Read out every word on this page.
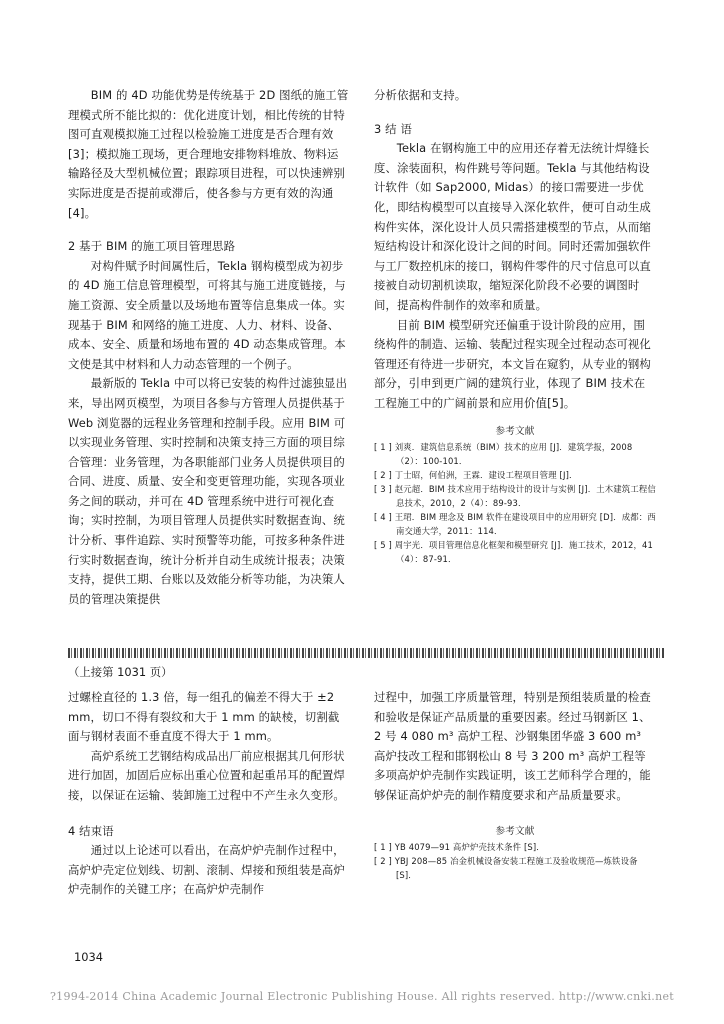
BIM 的 4D 功能优势是传统基于 2D 图纸的施工管理模式所不能比拟的：优化进度计划，相比传统的甘特图可直观模拟施工过程以检验施工进度是否合理有效[3]；模拟施工现场，更合理地安排物料堆放、物料运输路径及大型机械位置；跟踪项目进程，可以快速辨别实际进度是否提前或滞后，使各参与方更有效的沟通[4]。

2 基于 BIM 的施工项目管理思路

对构件赋予时间属性后，Tekla 钢构模型成为初步的 4D 施工信息管理模型，可将其与施工进度链接，与施工资源、安全质量以及场地布置等信息集成一体。实现基于 BIM 和网络的施工进度、人力、材料、设备、成本、安全、质量和场地布置的 4D 动态集成管理。本文使是其中材料和人力动态管理的一个例子。

最新版的 Tekla 中可以将已安装的构件过滤独显出来，导出网页模型，为项目各参与方管理人员提供基于 Web 浏览器的远程业务管理和控制手段。应用 BIM 可以实现业务管理、实时控制和决策支持三方面的项目综合管理：业务管理，为各职能部门业务人员提供项目的合同、进度、质量、安全和变更管理功能，实现各项业务之间的联动，并可在 4D 管理系统中进行可视化查询；实时控制，为项目管理人员提供实时数据查询、统计分析、事件追踪、实时预警等功能，可按多种条件进行实时数据查询，统计分析并自动生成统计报表；决策支持，提供工期、台账以及效能分析等功能，为决策人员的管理决策提供

分析依据和支持。

3 结 语

Tekla 在钢构施工中的应用还存着无法统计焊缝长度、涂装面积，构件跳号等问题。Tekla 与其他结构设计软件（如 Sap2000, Midas）的接口需要进一步优化，即结构模型可以直接导入深化软件，便可自动生成构件实体，深化设计人员只需搭建模型的节点，从而缩短结构设计和深化设计之间的时间。同时还需加强软件与工厂数控机床的接口，钢构件零件的尺寸信息可以直接被自动切割机读取，缩短深化阶段不必要的调图时间，提高构件制作的效率和质量。

目前 BIM 模型研究还偏重于设计阶段的应用，围绕构件的制造、运输、装配过程实现全过程动态可视化管理还有待进一步研究，本文旨在窥豹，从专业的钢构部分，引申到更广阔的建筑行业，体现了 BIM 技术在工程施工中的广阔前景和应用价值[5]。

参考文献

[ 1 ] 刘爽．建筑信息系统（BIM）技术的应用 [J]．建筑学报，2008（2）：100-101．

[ 2 ] 丁士昭，何伯洲，王霖．建设工程项目管理 [J]．

[ 3 ] 赵元超．BIM 技术应用于结构设计的设计与实例 [J]．土木建筑工程信息技术，2010，2（4）：89-93．

[ 4 ] 王珺．BIM 理念及 BIM 软件在建设项目中的应用研究 [D]．成都：西南交通大学，2011：114．

[ 5 ] 周宇光．项目管理信息化框架和模型研究 [J]．施工技术，2012，41（4）：87-91．

（上接第 1031 页）

过螺栓直径的 1.3 倍，每一组孔的偏差不得大于 ±2 mm，切口不得有裂纹和大于 1 mm 的缺棱，切割截面与钢材表面不垂直度不得大于 1 mm。

高炉系统工艺钢结构成品出厂前应根据其几何形状进行加固，加固后应标出重心位置和起重吊耳的配置焊接，以保证在运输、装卸施工过程中不产生永久变形。

4 结束语

通过以上论述可以看出，在高炉炉壳制作过程中，高炉炉壳定位划线、切割、滚制、焊接和预组装是高炉炉壳制作的关键工序；在高炉炉壳制作

过程中，加强工序质量管理，特别是预组装质量的检查和验收是保证产品质量的重要因素。经过马钢新区 1、2 号 4 080 m³ 高炉工程、沙钢集团华盛 3 600 m³ 高炉技改工程和邯钢松山 8 号 3 200 m³ 高炉工程等多项高炉炉壳制作实践证明，该工艺师科学合理的，能够保证高炉炉壳的制作精度要求和产品质量要求。

参考文献

[ 1 ] YB 4079—91 高炉炉壳技术条件 [S]．

[ 2 ] YBJ 208—85 冶金机械设备安装工程施工及验收规范—炼铁设备 [S]．

1034
?1994-2014 China Academic Journal Electronic Publishing House. All rights reserved. http://www.cnki.net
